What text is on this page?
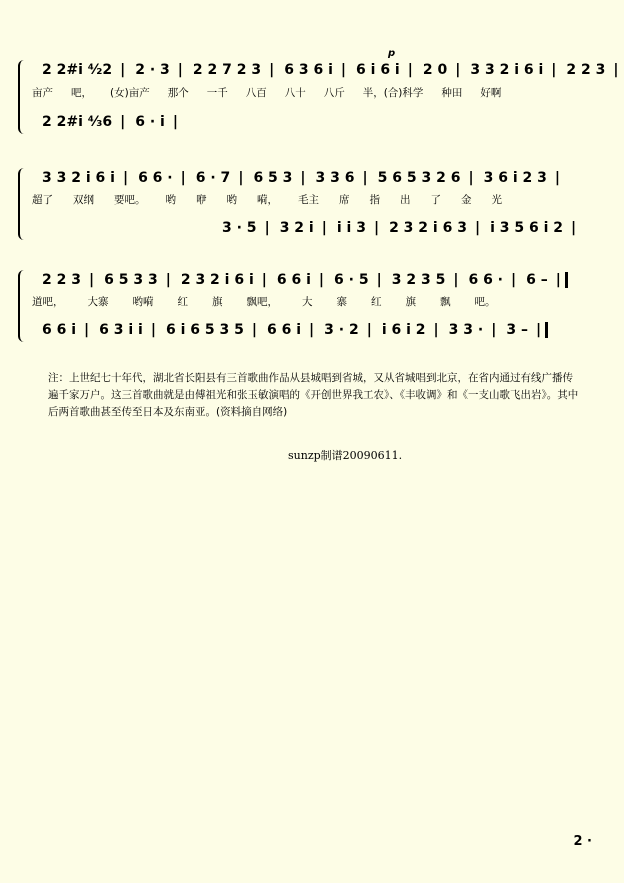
p
2 2#i ⁴⁄₂2 | 2 · 3 | 2 2 7 2 3 | 6 3 6 i | 6 i 6 i | 2 0 | 3 3 2 i 6 i | 2 2 3 |
亩产 吧， (女)亩产 那个 一千 八百 八十 八斤 半，(合)科学 种田 好啊
2 2#i ⁴⁄₃6 | 6 · i |
3 3 2 i 6 i | 6 6 · | 6 · 7 | 6 5 3 | 3 3 6 | 5 6 5 3 2 6 | 3 6 i 2 3 |
超了 双纲 要吧。 哟 咿 哟 嗬， 毛主 席 指 出 了 金 光
3 · 5 | 3 2 i | i i 3 | 2 3 2 i 6 3 | i 3 5 6 i 2 |
2 2 3 | 6 5 3 3 | 2 3 2 i 6 i | 6 6 i | 6 · 5 | 3 2 3 5 | 6 6 · | 6 – |
道吧， 大寨 哟嗬 红 旗 飘吧， 大 寨 红 旗 飘 吧。
6 6 i | 6 3 i i | 6 i 6 5 3 5 | 6 6 i | 3 · 2 | i 6 i 2 | 3 3 · | 3 – |
注：上世纪七十年代，湖北省长阳县有三首歌曲作品从县城唱到省城，又从省城唱到北京，在省内通过有线广播传遍千家万户。这三首歌曲就是由傅祖光和张玉敏演唱的《开创世界我工农》、《丰收调》和《一支山歌飞出岩》。其中后两首歌曲甚至传至日本及东南亚。(资料摘自网络)
sunzp制谱20090611.
2 ·
